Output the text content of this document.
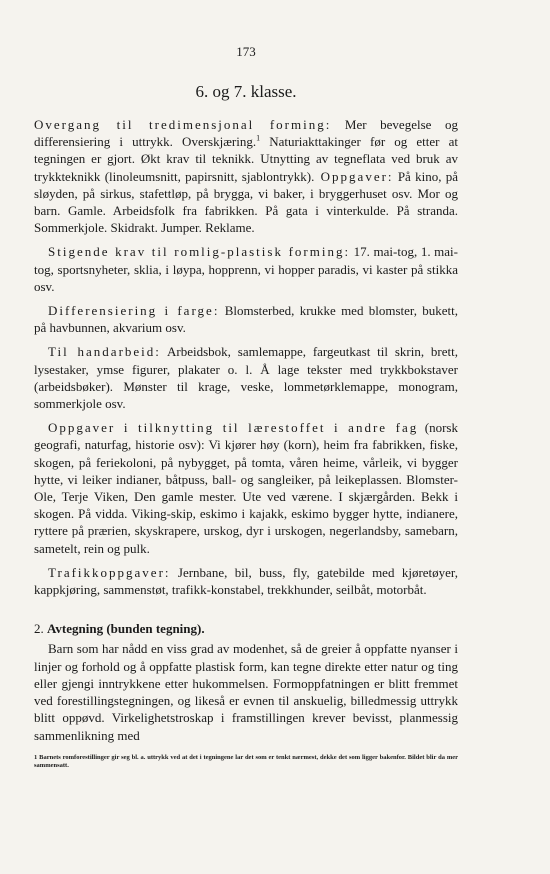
173
6. og 7. klasse.

Overgang til tredimensjonal forming: Mer bevegelse og differensiering i uttrykk. Overskjæring.$^1$ Naturiakttakinger før og etter at tegningen er gjort. Økt krav til teknikk. Utnytting av tegneflata ved bruk av trykkteknikk (linoleumsnitt, papirsnitt, sjablontrykk). Oppgaver: På kino, på sløyden, på sirkus, stafettløp, på brygga, vi baker, i bryggerhuset osv. Mor og barn. Gamle. Arbeidsfolk fra fabrikken. På gata i vinterkulde. På stranda. Sommerkjole. Skidrakt. Jumper. Reklame.

Stigende krav til romlig-plastisk forming: 17. mai-tog, 1. mai-tog, sportsnyheter, sklia, i løypa, hopprenn, vi hopper paradis, vi kaster på stikka osv.

Differensiering i farge: Blomsterbed, krukke med blomster, bukett, på havbunnen, akvarium osv.

Til handarbeid: Arbeidsbok, samlemappe, fargeutkast til skrin, brett, lysestaker, ymse figurer, plakater o. l. Å lage tekster med trykkbokstaver (arbeidsbøker). Mønster til krage, veske, lommetørklemappe, monogram, sommerkjole osv.

Oppgaver i tilknytting til lærestoffet i andre fag (norsk geografi, naturfag, historie osv): Vi kjører høy (korn), heim fra fabrikken, fiske, skogen, på feriekoloni, på nybygget, på tomta, våren heime, vårleik, vi bygger hytte, vi leiker indianer, båtpuss, ball- og sangleiker, på leikeplassen. Blomster-Ole, Terje Viken, Den gamle mester. Ute ved værene. I skjærgården. Bekk i skogen. På vidda. Viking-skip, eskimo i kajakk, eskimo bygger hytte, indianere, ryttere på prærien, skyskrapere, urskog, dyr i urskogen, negerlandsby, samebarn, sametelt, rein og pulk.

Trafikkoppgaver: Jernbane, bil, buss, fly, gatebilde med kjøretøyer, kappkjøring, sammenstøt, trafikk-konstabel, trekkhunder, seilbåt, motorbåt.

2. Avtegning (bunden tegning).

Barn som har nådd en viss grad av modenhet, så de greier å oppfatte nyanser i linjer og forhold og å oppfatte plastisk form, kan tegne direkte etter natur og ting eller gjengi inntrykkene etter hukommelsen. Formoppfatningen er blitt fremmet ved forestillingstegningen, og likeså er evnen til anskuelig, billedmessig uttrykk blitt oppøvd. Virkelighetstroskap i framstillingen krever bevisst, planmessig sammenlikning med

1 Barnets romforestillinger gir seg bl. a. uttrykk ved at det i tegningene lar det som er tenkt nærmest, dekke det som ligger bakenfor. Bildet blir da mer sammensatt.
